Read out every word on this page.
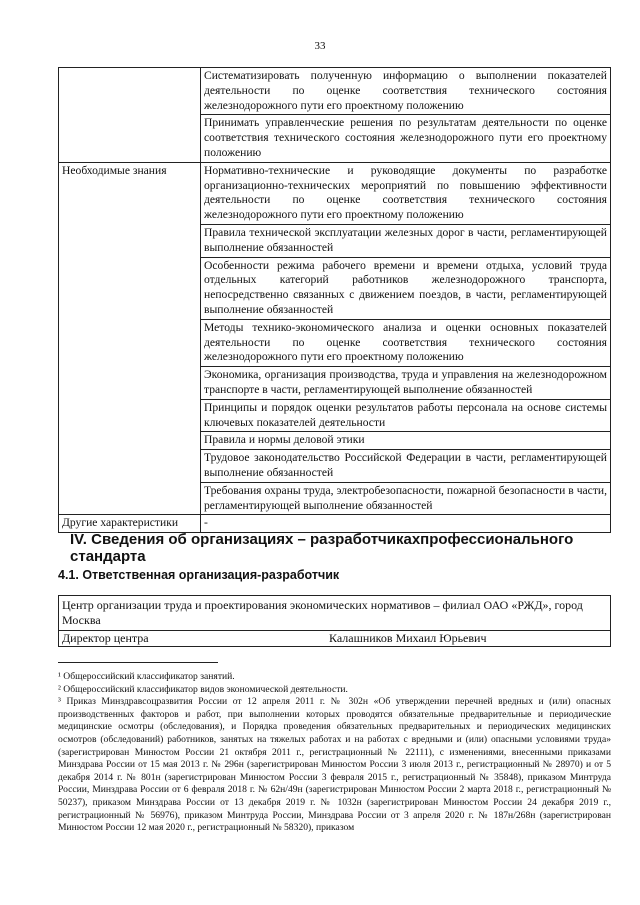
33
	Систематизировать полученную информацию о выполнении показателей деятельности по оценке соответствия технического состояния железнодорожного пути его проектному положению
	Принимать управленческие решения по результатам деятельности по оценке соответствия технического состояния железнодорожного пути его проектному положению
Необходимые знания	Нормативно-технические и руководящие документы по разработке организационно-технических мероприятий по повышению эффективности деятельности по оценке соответствия технического состояния железнодорожного пути его проектному положению
	Правила технической эксплуатации железных дорог в части, регламентирующей выполнение обязанностей
	Особенности режима рабочего времени и времени отдыха, условий труда отдельных категорий работников железнодорожного транспорта, непосредственно связанных с движением поездов, в части, регламентирующей выполнение обязанностей
	Методы технико-экономического анализа и оценки основных показателей деятельности по оценке соответствия технического состояния железнодорожного пути его проектному положению
	Экономика, организация производства, труда и управления на железнодорожном транспорте в части, регламентирующей выполнение обязанностей
	Принципы и порядок оценки результатов работы персонала на основе системы ключевых показателей деятельности
	Правила и нормы деловой этики
	Трудовое законодательство Российской Федерации в части, регламентирующей выполнение обязанностей
	Требования охраны труда, электробезопасности, пожарной безопасности в части, регламентирующей выполнение обязанностей
Другие характеристики	-
IV. Сведения об организациях – разработчикахпрофессионального стандарта
4.1. Ответственная организация-разработчик
Центр организации труда и проектирования экономических нормативов – филиал ОАО «РЖД», город Москва
Директор центра	Калашников Михаил Юрьевич

¹ Общероссийский классификатор занятий.

² Общероссийский классификатор видов экономической деятельности.

³ Приказ Минздравсоцразвития России от 12 апреля 2011 г. № 302н «Об утверждении перечней вредных и (или) опасных производственных факторов и работ, при выполнении которых проводятся обязательные предварительные и периодические медицинские осмотры (обследования), и Порядка проведения обязательных предварительных и периодических медицинских осмотров (обследований) работников, занятых на тяжелых работах и на работах с вредными и (или) опасными условиями труда» (зарегистрирован Минюстом России 21 октября 2011 г., регистрационный № 22111), с изменениями, внесенными приказами Минздрава России от 15 мая 2013 г. № 296н (зарегистрирован Минюстом России 3 июля 2013 г., регистрационный № 28970) и от 5 декабря 2014 г. № 801н (зарегистрирован Минюстом России 3 февраля 2015 г., регистрационный № 35848), приказом Минтруда России, Минздрава России от 6 февраля 2018 г. № 62н/49н (зарегистрирован Минюстом России 2 марта 2018 г., регистрационный № 50237), приказом Минздрава России от 13 декабря 2019 г. № 1032н (зарегистрирован Минюстом России 24 декабря 2019 г., регистрационный № 56976), приказом Минтруда России, Минздрава России от 3 апреля 2020 г. № 187н/268н (зарегистрирован Минюстом России 12 мая 2020 г., регистрационный № 58320), приказом
